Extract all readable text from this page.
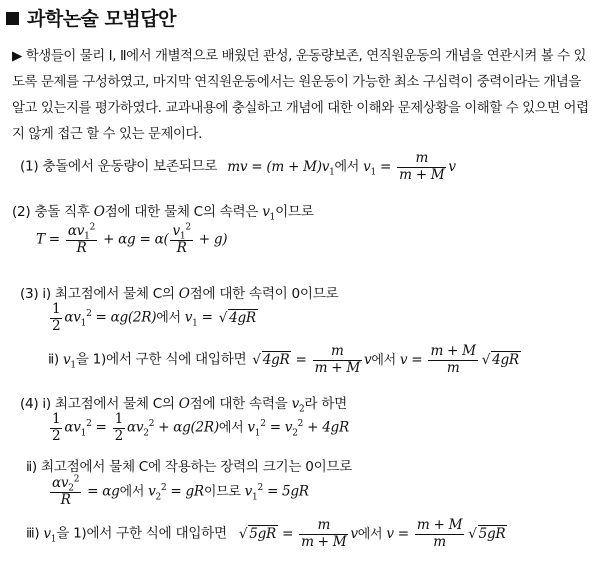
과학논술 모범답안
▶ 학생들이 물리 Ⅰ, Ⅱ에서 개별적으로 배웠던 관성, 운동량보존, 연직원운동의 개념을 연관시켜 볼 수 있도록 문제를 구성하였고, 마지막 연직원운동에서는 원운동이 가능한 최소 구심력이 중력이라는 개념을 알고 있는지를 평가하였다. 교과내용에 충실하고 개념에 대한 이해와 문제상황을 이해할 수 있으면 어렵지 않게 접근 할 수 있는 문제이다.
(1) 충돌에서 운동량이 보존되므로 mv = $(m + M)v_1$에서 $v_1 = \frac{m}{m + M}$ v
(2) 충돌 직후 O점에 대한 물체 C의 속력은 $v_1$이므로
$T = \frac{\alpha v_1^2}{R} + \alpha g = \alpha( \frac{v_1^2}{R} + g)$
(3) ⅰ) 최고점에서 물체 C의 O점에 대한 속력이 0이므로
$\frac{1}{2} \alpha v_1^2 = \alpha g(2R)$에서 $v_1$ = √ 4gR
ⅱ) $v_1$을 1)에서 구한 식에 대입하면 √ $4gR = \frac{m}{m + M}$ v에서 $v = \frac{m + M}{m}$ √ 4gR
(4) ⅰ) 최고점에서 물체 C의 O점에 대한 속력을 $v_2$라 하면
$\frac{1}{2} \alpha v_1^2 = \frac{1}{2} \alpha v_2^2 + \alpha g(2R)$에서 $v_1^2 = v_2^2 + 4gR$
ⅱ) 최고점에서 물체 C에 작용하는 장력의 크기는 0이므로
$\frac{\alpha v_2^2}{R} = \alpha g$에서 $v_2^2$ = gR이므로 $v_1^2 = 5gR$
ⅲ) $v_1$을 1)에서 구한 식에 대입하면 √ $5gR = \frac{m}{m + M}$ v에서 $v = \frac{m + M}{m}$ √ 5gR
